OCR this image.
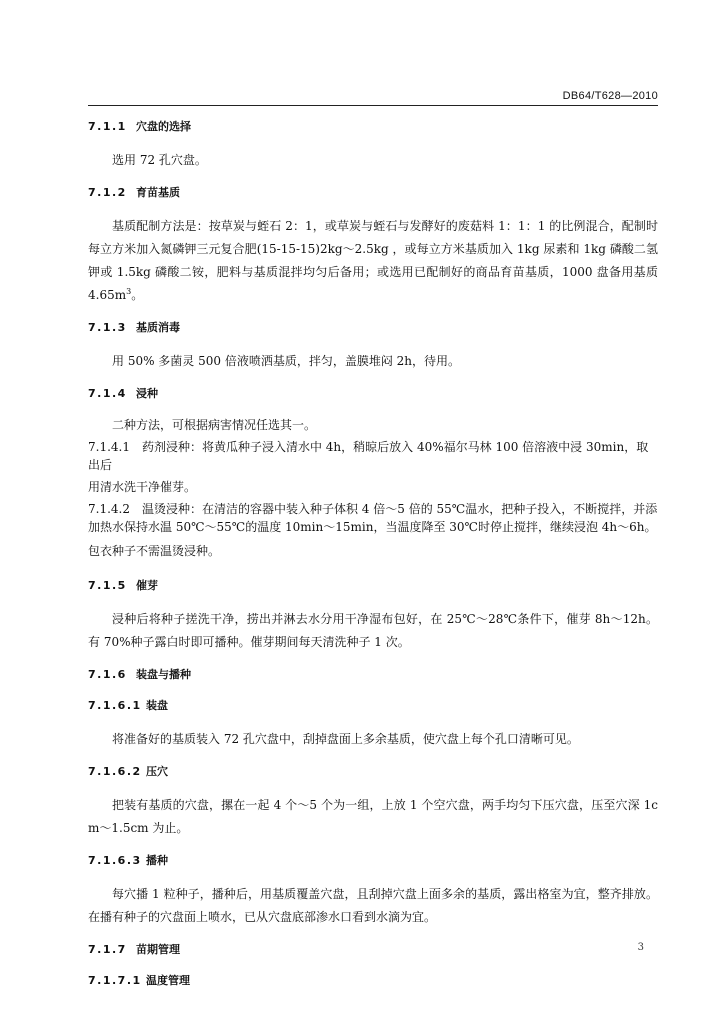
DB64/T628—2010
7.1.1 穴盘的选择

选用 72 孔穴盘。

7.1.2 育苗基质

基质配制方法是：按草炭与蛭石 2：1，或草炭与蛭石与发酵好的废菇料 1：1：1 的比例混合，配制时每立方米加入氮磷钾三元复合肥(15-15-15)2kg～2.5kg ，或每立方米基质加入 1kg 尿素和 1kg 磷酸二氢钾或 1.5kg 磷酸二铵，肥料与基质混拌均匀后备用；或选用已配制好的商品育苗基质，1000 盘备用基质 $4.65m^3$。

7.1.3 基质消毒

用 50% 多菌灵 500 倍液喷洒基质，拌匀，盖膜堆闷 2h，待用。

7.1.4 浸种

二种方法，可根据病害情况任选其一。

7.1.4.1　药剂浸种：将黄瓜种子浸入清水中 4h，稍晾后放入 40%福尔马林 100 倍溶液中浸 30min，取出后

用清水洗干净催芽。

7.1.4.2　温烫浸种：在清洁的容器中装入种子体积 4 倍～5 倍的 55℃温水，把种子投入，不断搅拌，并添加热水保持水温 50℃～55℃的温度 10min～15min，当温度降至 30℃时停止搅拌，继续浸泡 4h～6h。

包衣种子不需温烫浸种。

7.1.5 催芽

浸种后将种子搓洗干净，捞出并淋去水分用干净湿布包好，在 25℃～28℃条件下，催芽 8h～12h。有 70%种子露白时即可播种。催芽期间每天清洗种子 1 次。

7.1.6 装盘与播种
7.1.6.1 装盘

将准备好的基质装入 72 孔穴盘中，刮掉盘面上多余基质，使穴盘上每个孔口清晰可见。

7.1.6.2 压穴

把装有基质的穴盘，摞在一起 4 个～5 个为一组，上放 1 个空穴盘，两手均匀下压穴盘，压至穴深 1cm～1.5cm 为止。

7.1.6.3 播种

每穴播 1 粒种子，播种后，用基质覆盖穴盘，且刮掉穴盘上面多余的基质，露出格室为宜，整齐排放。在播有种子的穴盘面上喷水，已从穴盘底部渗水口看到水滴为宜。

7.1.7 苗期管理
7.1.7.1 温度管理
3
